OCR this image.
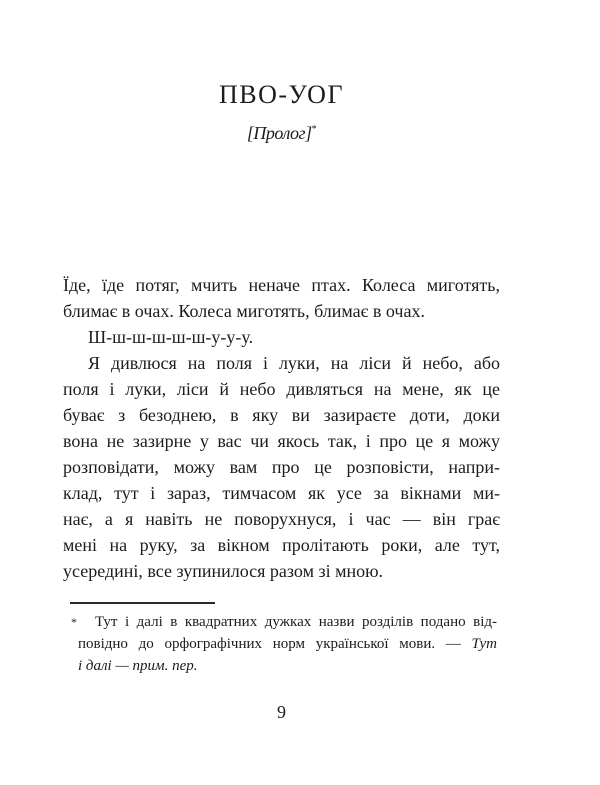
ПВО-УОГ
[Пролог]*
Їде, їде потяг, мчить неначе птах. Колеса миготять,
блимає в очах. Колеса миготять, блимає в очах.
Ш-ш-ш-ш-ш-ш-у-у-у.
Я дивлюся на поля і луки, на ліси й небо, або
поля і луки, ліси й небо дивляться на мене, як це
буває з безоднею, в яку ви зазираєте доти, доки
вона не зазирне у вас чи якось так, і про це я можу
розповідати, можу вам про це розповісти, напри-
клад, тут і зараз, тимчасом як усе за вікнами ми-
нає, а я навіть не поворухнуся, і час — він грає
мені на руку, за вікном пролітають роки, але тут,
усередині, все зупинилося разом зі мною.
*	Тут і далі в квадратних дужках назви розділів подано від-
повідно до орфографічних норм української мови. — Тут
і далі — прим. пер.
9
